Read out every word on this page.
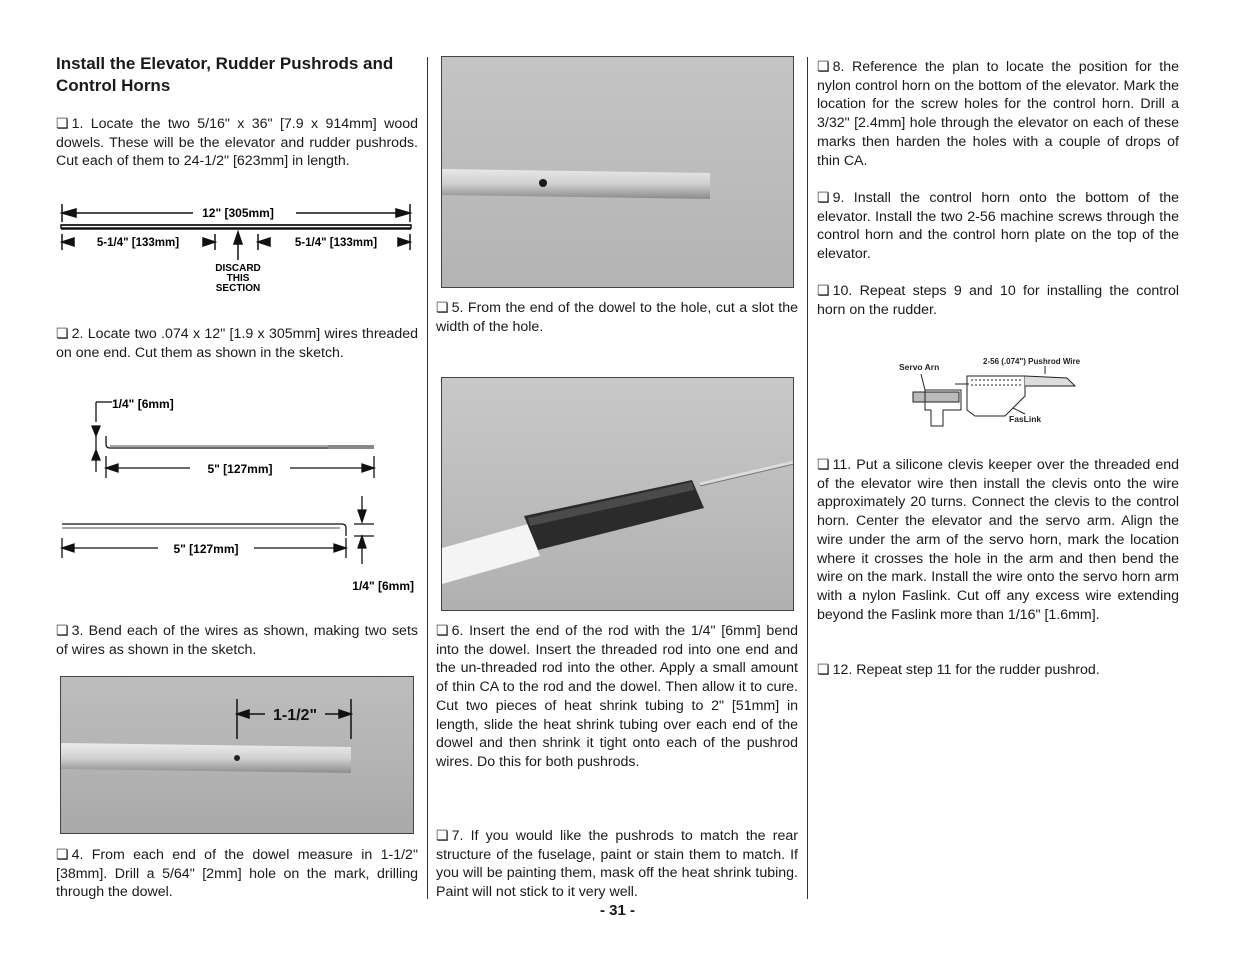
Install the Elevator, Rudder Pushrods and Control Horns
❏ 1. Locate the two 5/16" x 36" [7.9 x 914mm] wood dowels. These will be the elevator and rudder pushrods. Cut each of them to 24-1/2" [623mm] in length.
12" [305mm]
5-1/4" [133mm]	5-1/4" [133mm]
DISCARD
THIS
SECTION
❏ 2. Locate two .074 x 12" [1.9 x 305mm] wires threaded on one end. Cut them as shown in the sketch.
1/4" [6mm]
5" [127mm]
5" [127mm]
1/4" [6mm]
❏ 3. Bend each of the wires as shown, making two sets of wires as shown in the sketch.
1-1/2"
❏ 4. From each end of the dowel measure in 1-1/2" [38mm]. Drill a 5/64" [2mm] hole on the mark, drilling through the dowel.
❏ 5. From the end of the dowel to the hole, cut a slot the width of the hole.
❏ 6. Insert the end of the rod with the 1/4" [6mm] bend into the dowel. Insert the threaded rod into one end and the un-threaded rod into the other. Apply a small amount of thin CA to the rod and the dowel. Then allow it to cure. Cut two pieces of heat shrink tubing to 2" [51mm] in length, slide the heat shrink tubing over each end of the dowel and then shrink it tight onto each of the pushrod wires. Do this for both pushrods.
❏ 7. If you would like the pushrods to match the rear structure of the fuselage, paint or stain them to match. If you will be painting them, mask off the heat shrink tubing. Paint will not stick to it very well.
❏ 8. Reference the plan to locate the position for the nylon control horn on the bottom of the elevator. Mark the location for the screw holes for the control horn. Drill a 3/32" [2.4mm] hole through the elevator on each of these marks then harden the holes with a couple of drops of thin CA.
❏ 9. Install the control horn onto the bottom of the elevator. Install the two 2-56 machine screws through the control horn and the control horn plate on the top of the elevator.
❏ 10. Repeat steps 9 and 10 for installing the control horn on the rudder.
Servo Arn
2-56 (.074") Pushrod Wire
FasLink
❏ 11. Put a silicone clevis keeper over the threaded end of the elevator wire then install the clevis onto the wire approximately 20 turns. Connect the clevis to the control horn. Center the elevator and the servo arm. Align the wire under the arm of the servo horn, mark the location where it crosses the hole in the arm and then bend the wire on the mark. Install the wire onto the servo horn arm with a nylon Faslink. Cut off any excess wire extending beyond the Faslink more than 1/16" [1.6mm].
❏ 12. Repeat step 11 for the rudder pushrod.
- 31 -
